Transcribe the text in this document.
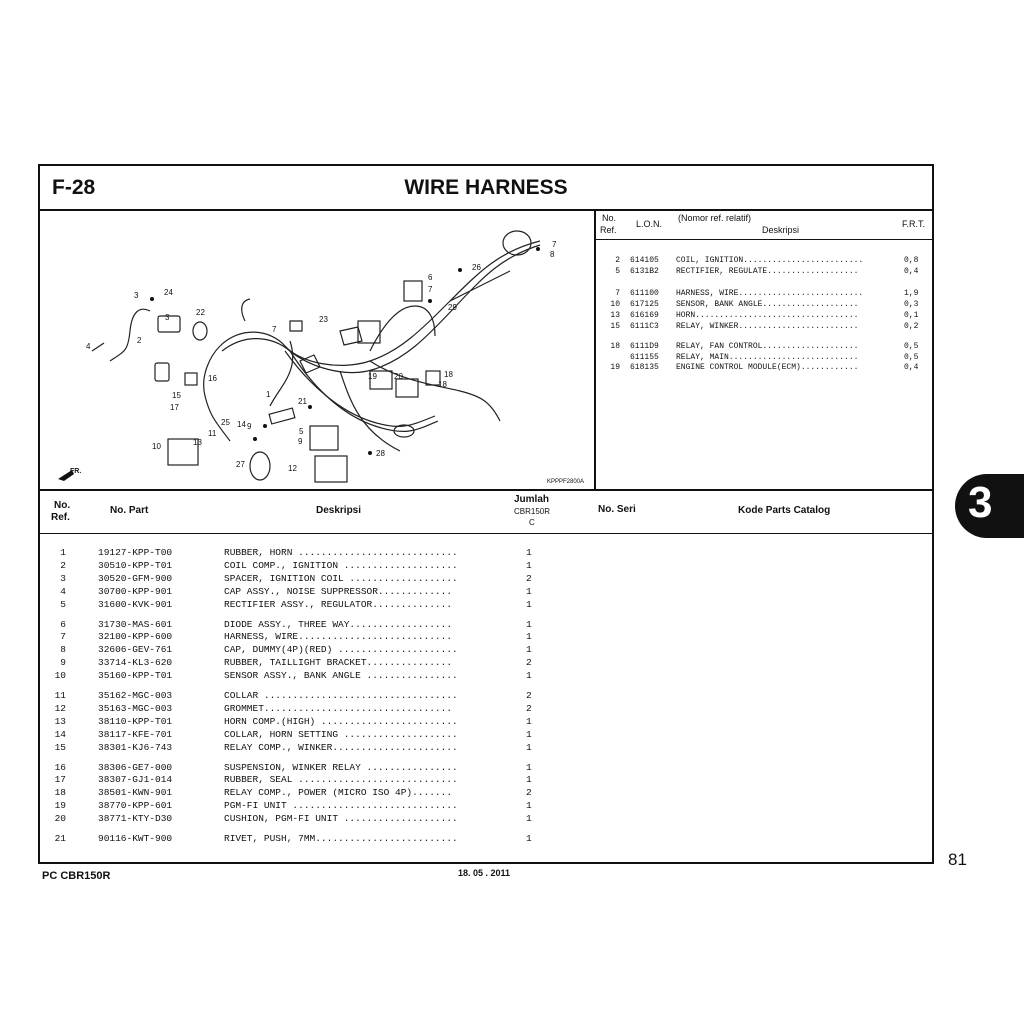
F-28	WIRE HARNESS
1
2
3
3
4
5
6
7
7
7
8
9
9
10
11
12
13
14
15
16
17
18
18
19 20
21
22
23
24
25
26
27
28
29
FR.
KPPPF2800A
No.
Ref.
L.O.N.
(Nomor ref. relatif)
Deskripsi
F.R.T.
2 614105 COIL, IGNITION.........................	0,8
5 6131B2 RECTIFIER, REGULATE...................	0,4
7 611100 HARNESS, WIRE..........................	1,9
10 617125 SENSOR, BANK ANGLE....................	0,3
13 616169 HORN..................................	0,1
15 6111C3 RELAY, WINKER.........................	0,2
18 6111D9 RELAY, FAN CONTROL....................	0,5
611155 RELAY, MAIN...........................	0,5
19 618135 ENGINE CONTROL MODULE(ECM)............	0,4
No.
Ref.
No. Part	Deskripsi
Jumlah
CBR150R
C
No. Seri	Kode Parts Catalog
1	19127-KPP-T00	RUBBER, HORN ............................	1
2	30510-KPP-T01	COIL COMP., IGNITION ....................	1
3	30520-GFM-900	SPACER, IGNITION COIL ...................	2
4	30700-KPP-901	CAP ASSY., NOISE SUPPRESSOR.............	1
5	31600-KVK-901	RECTIFIER ASSY., REGULATOR..............	1
6	31730-MAS-601	DIODE ASSY., THREE WAY..................	1
7	32100-KPP-600	HARNESS, WIRE...........................	1
8	32606-GEV-761	CAP, DUMMY(4P)(RED) .....................	1
9	33714-KL3-620	RUBBER, TAILLIGHT BRACKET...............	2
10	35160-KPP-T01	SENSOR ASSY., BANK ANGLE ................	1
11	35162-MGC-003	COLLAR ..................................	2
12	35163-MGC-003	GROMMET.................................	2
13	38110-KPP-T01	HORN COMP.(HIGH) ........................	1
14	38117-KFE-701	COLLAR, HORN SETTING ....................	1
15	38301-KJ6-743	RELAY COMP., WINKER......................	1
16	38306-GE7-000	SUSPENSION, WINKER RELAY ................	1
17	38307-GJ1-014	RUBBER, SEAL ............................	1
18	38501-KWN-901	RELAY COMP., POWER (MICRO ISO 4P).......	2
19	38770-KPP-601	PGM-FI UNIT .............................	1
20	38771-KTY-D30	CUSHION, PGM-FI UNIT ....................	1
21	90116-KWT-900	RIVET, PUSH, 7MM.........................	1
PC CBR150R	18. 05 . 2011
81
3
